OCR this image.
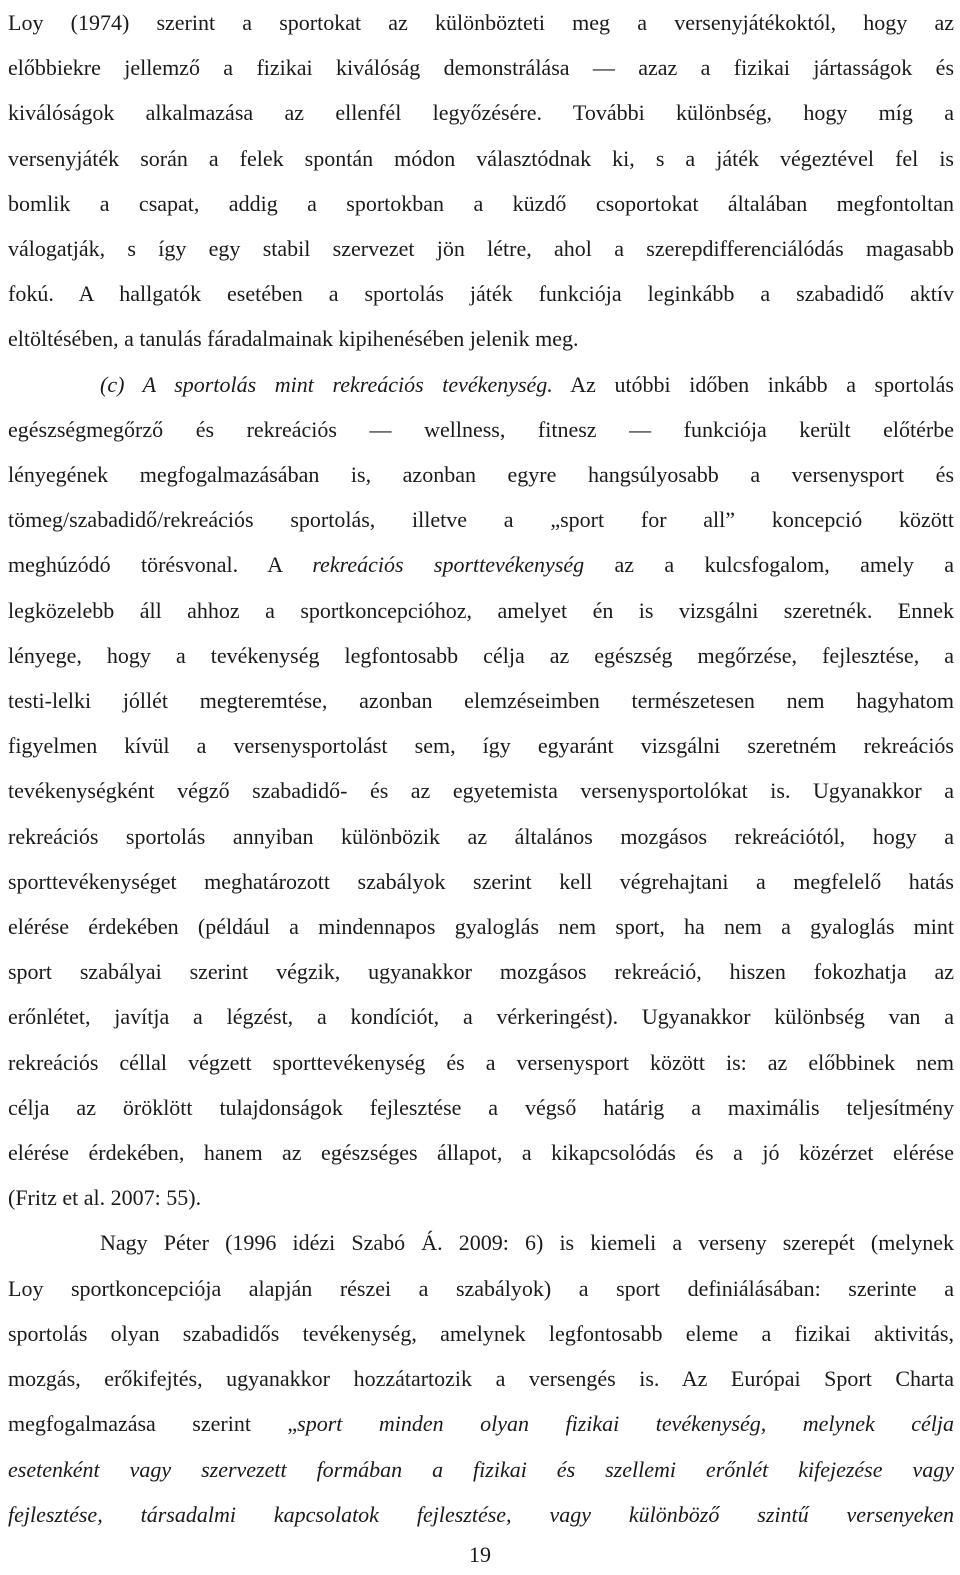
Loy (1974) szerint a sportokat az különbözteti meg a versenyjátékoktól, hogy az
előbbiekre jellemző a fizikai kiválóság demonstrálása — azaz a fizikai jártasságok és
kiválóságok alkalmazása az ellenfél legyőzésére. További különbség, hogy míg a
versenyjáték során a felek spontán módon választódnak ki, s a játék végeztével fel is
bomlik a csapat, addig a sportokban a küzdő csoportokat általában megfontoltan
válogatják, s így egy stabil szervezet jön létre, ahol a szerepdifferenciálódás magasabb
fokú. A hallgatók esetében a sportolás játék funkciója leginkább a szabadidő aktív
eltöltésében, a tanulás fáradalmainak kipihenésében jelenik meg.
(c) A sportolás mint rekreációs tevékenység. Az utóbbi időben inkább a sportolás
egészségmegőrző és rekreációs — wellness, fitnesz — funkciója került előtérbe
lényegének megfogalmazásában is, azonban egyre hangsúlyosabb a versenysport és
tömeg/szabadidő/rekreációs sportolás, illetve a „sport for all” koncepció között
meghúzódó törésvonal. A rekreációs sporttevékenység az a kulcsfogalom, amely a
legközelebb áll ahhoz a sportkoncepcióhoz, amelyet én is vizsgálni szeretnék. Ennek
lényege, hogy a tevékenység legfontosabb célja az egészség megőrzése, fejlesztése, a
testi-lelki jóllét megteremtése, azonban elemzéseimben természetesen nem hagyhatom
figyelmen kívül a versenysportolást sem, így egyaránt vizsgálni szeretném rekreációs
tevékenységként végző szabadidő- és az egyetemista versenysportolókat is. Ugyanakkor a
rekreációs sportolás annyiban különbözik az általános mozgásos rekreációtól, hogy a
sporttevékenységet meghatározott szabályok szerint kell végrehajtani a megfelelő hatás
elérése érdekében (például a mindennapos gyaloglás nem sport, ha nem a gyaloglás mint
sport szabályai szerint végzik, ugyanakkor mozgásos rekreáció, hiszen fokozhatja az
erőnlétet, javítja a légzést, a kondíciót, a vérkeringést). Ugyanakkor különbség van a
rekreációs céllal végzett sporttevékenység és a versenysport között is: az előbbinek nem
célja az öröklött tulajdonságok fejlesztése a végső határig a maximális teljesítmény
elérése érdekében, hanem az egészséges állapot, a kikapcsolódás és a jó közérzet elérése
(Fritz et al. 2007: 55).
Nagy Péter (1996 idézi Szabó Á. 2009: 6) is kiemeli a verseny szerepét (melynek
Loy sportkoncepciója alapján részei a szabályok) a sport definiálásában: szerinte a
sportolás olyan szabadidős tevékenység, amelynek legfontosabb eleme a fizikai aktivitás,
mozgás, erőkifejtés, ugyanakkor hozzátartozik a versengés is. Az Európai Sport Charta
megfogalmazása szerint „sport minden olyan fizikai tevékenység, melynek célja
esetenként vagy szervezett formában a fizikai és szellemi erőnlét kifejezése vagy
fejlesztése, társadalmi kapcsolatok fejlesztése, vagy különböző szintű versenyeken
19
